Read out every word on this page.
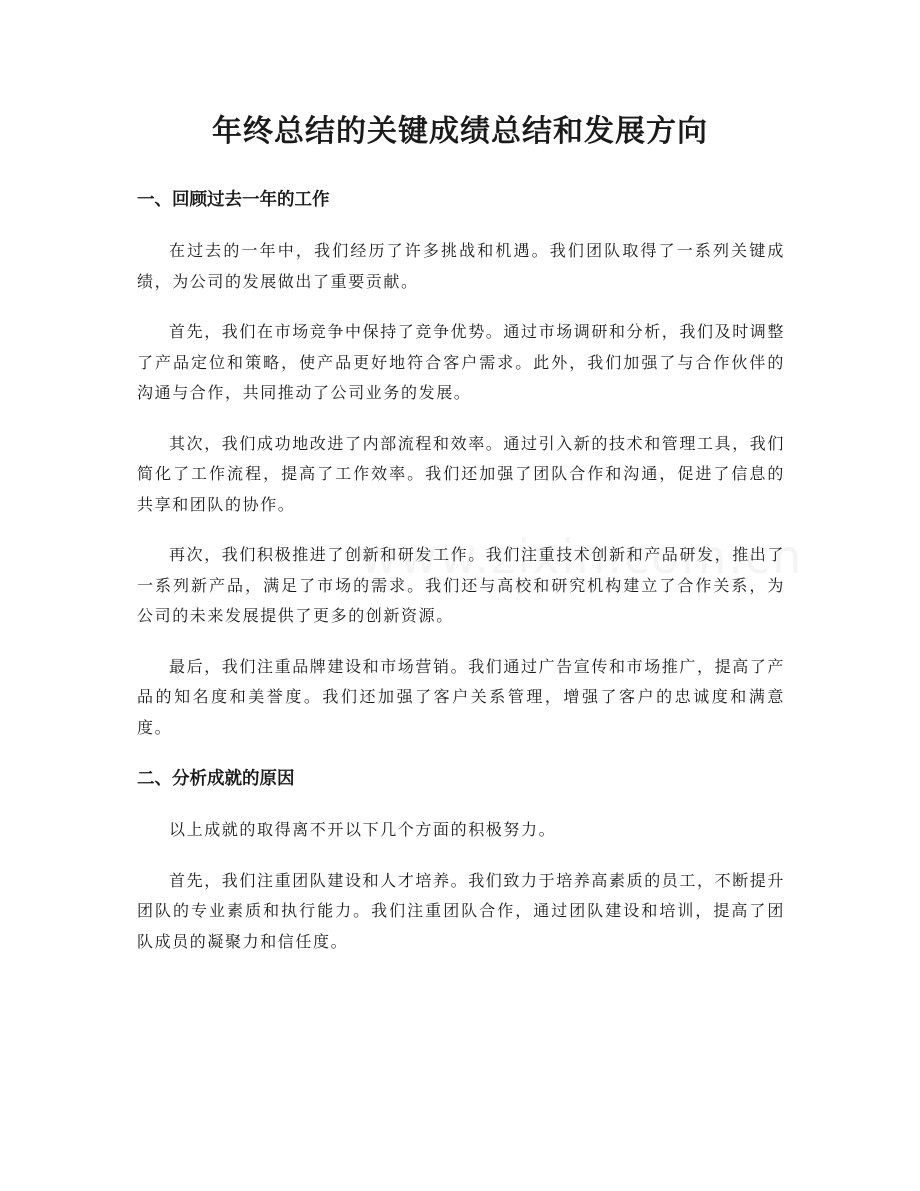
年终总结的关键成绩总结和发展方向
一、回顾过去一年的工作

在过去的一年中，我们经历了许多挑战和机遇。我们团队取得了一系列关键成绩，为公司的发展做出了重要贡献。

首先，我们在市场竞争中保持了竞争优势。通过市场调研和分析，我们及时调整了产品定位和策略，使产品更好地符合客户需求。此外，我们加强了与合作伙伴的沟通与合作，共同推动了公司业务的发展。

其次，我们成功地改进了内部流程和效率。通过引入新的技术和管理工具，我们简化了工作流程，提高了工作效率。我们还加强了团队合作和沟通，促进了信息的共享和团队的协作。

再次，我们积极推进了创新和研发工作。我们注重技术创新和产品研发，推出了一系列新产品，满足了市场的需求。我们还与高校和研究机构建立了合作关系，为公司的未来发展提供了更多的创新资源。

最后，我们注重品牌建设和市场营销。我们通过广告宣传和市场推广，提高了产品的知名度和美誉度。我们还加强了客户关系管理，增强了客户的忠诚度和满意度。

二、分析成就的原因

以上成就的取得离不开以下几个方面的积极努力。

首先，我们注重团队建设和人才培养。我们致力于培养高素质的员工，不断提升团队的专业素质和执行能力。我们注重团队合作，通过团队建设和培训，提高了团队成员的凝聚力和信任度。
